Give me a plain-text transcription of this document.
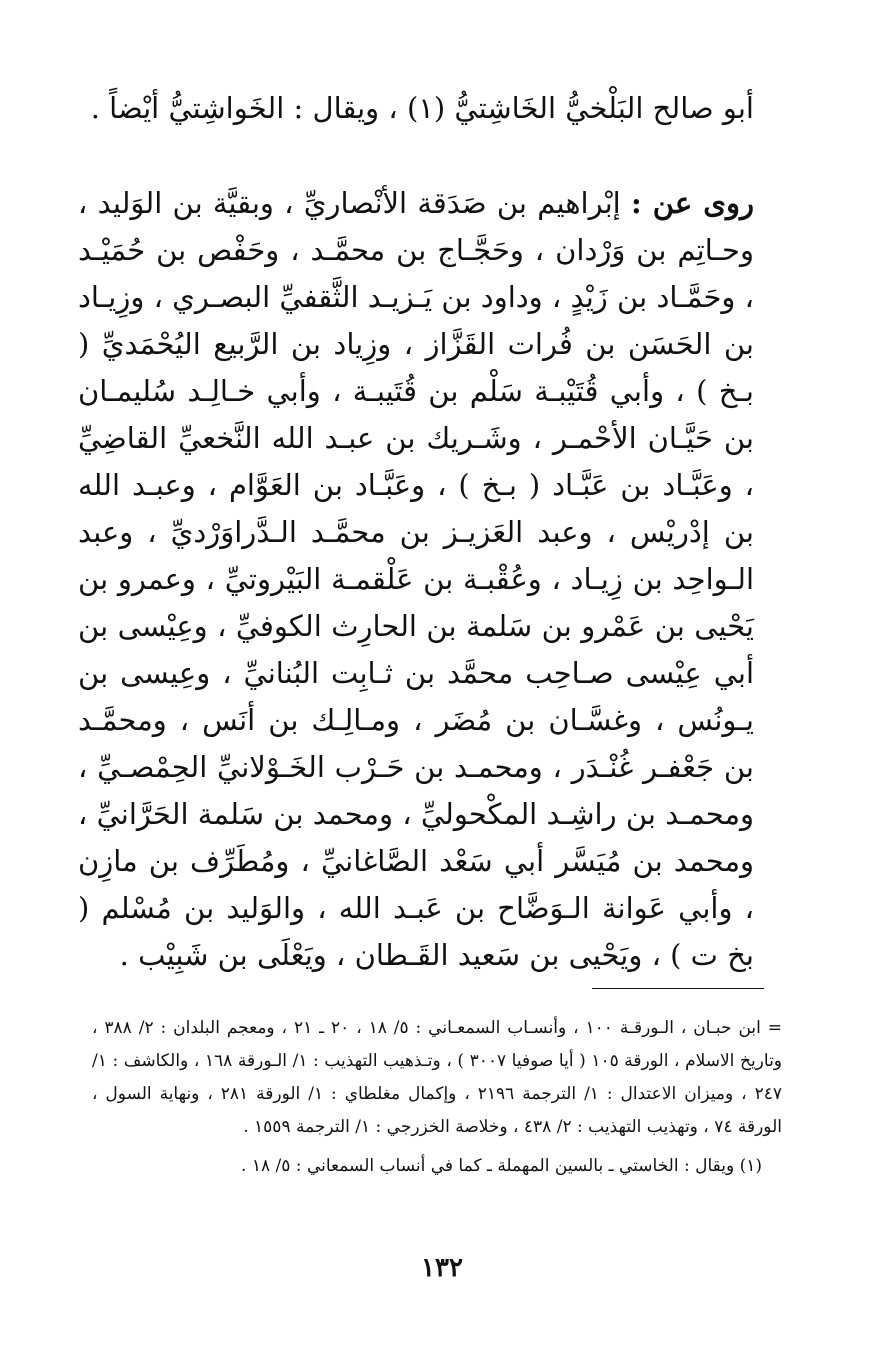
أبو صالح البَلْخيُّ الخَاشِتيُّ (١) ، ويقال : الخَواشِتيُّ أيْضاً .
روى عن : إبْراهيم بن صَدَقة الأنْصاريِّ ، وبقيَّة بن الوَليد ، وحـاتِم بن وَرْدان ، وحَجَّـاج بن محمَّـد ، وحَفْص بن حُمَيْـد ، وحَمَّـاد بن زَيْدٍ ، وداود بن يَـزيـد الثَّقفيِّ البصـري ، وزِيـاد بن الحَسَن بن فُرات القَزَّاز ، وزِياد بن الرَّبيع اليُحْمَديِّ ( بـخ ) ، وأبي قُتَيْبـة سَلْم بن قُتَيبـة ، وأبي خـالِـد سُليمـان بن حَيَّـان الأحْمـر ، وشَـريك بن عبـد الله النَّخعيِّ القاضِيِّ ، وعَبَّـاد بن عَبَّـاد ( بـخ ) ، وعَبَّـاد بن العَوَّام ، وعبـد الله بن إدْريْس ، وعبد العَزيـز بن محمَّـد الـدَّراوَرْديِّ ، وعبد الـواحِد بن زِيـاد ، وعُقْبـة بن عَلْقمـة البَيْروتيِّ ، وعمرو بن يَحْيى بن عَمْرو بن سَلمة بن الحارِث الكوفيِّ ، وعِيْسى بن أبي عِيْسى صـاحِب محمَّد بن ثـابِت البُنانيِّ ، وعِيسى بن يـونُس ، وغسَّـان بن مُضَر ، ومـالِـك بن أنَس ، ومحمَّـد بن جَعْفـر غُنْـدَر ، ومحمـد بن حَـرْب الخَـوْلانيِّ الحِمْصـيِّ ، ومحمـد بن راشِـد المكْحوليِّ ، ومحمد بن سَلمة الحَرَّانيِّ ، ومحمد بن مُيَسَّر أبي سَعْد الصَّاغانيِّ ، ومُطَرِّف بن مازِن ، وأبي عَوانة الـوَضَّاح بن عَبـد الله ، والوَليد بن مُسْلم ( بخ ت ) ، ويَحْيى بن سَعيد القَـطان ، ويَعْلَى بن شَبِيْب .

= ابن حبـان ، الـورقـة ١٠٠ ، وأنسـاب السمعـاني : ٥/ ١٨ ، ٢٠ ـ ٢١ ، ومعجم البلدان : ٢/ ٣٨٨ ، وتاريخ الاسلام ، الورقة ١٠٥ ( أيا صوفيا ٣٠٠٧ ) ، وتـذهيب التهذيب : ١/ الـورقة ١٦٨ ، والكاشف : ١/ ٢٤٧ ، وميزان الاعتدال : ١/ الترجمة ٢١٩٦ ، وإكمال مغلطاي : ١/ الورقة ٢٨١ ، ونهاية السول ، الورقة ٧٤ ، وتهذيب التهذيب : ٢/ ٤٣٨ ، وخلاصة الخزرجي : ١/ الترجمة ١٥٥٩ .

(١) ويقال : الخاستي ـ بالسين المهملة ـ كما في أنساب السمعاني : ٥/ ١٨ .

١٣٢
